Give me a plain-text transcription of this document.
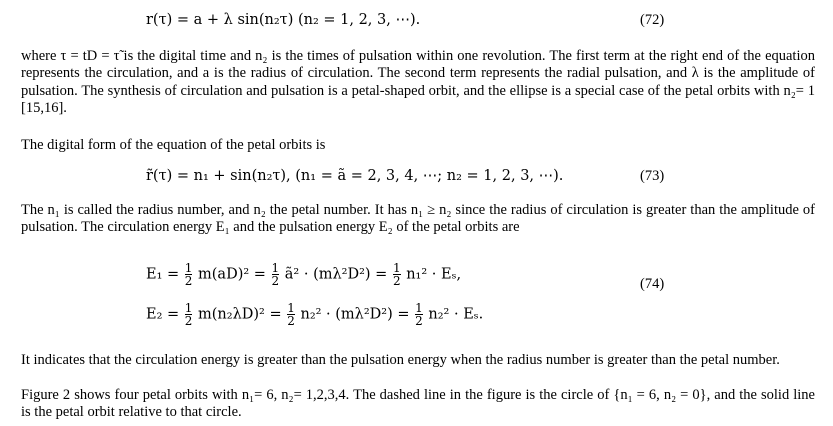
r(τ) = a + λ sin(n₂τ) (n₂ = 1, 2, 3, ⋯).	(72)
where τ = tD = τ̃ is the digital time and n₂ is the times of pulsation within one revolution. The first term at the right end of the equation represents the circulation, and a is the radius of circulation. The second term represents the radial pulsation, and λ is the amplitude of pulsation. The synthesis of circulation and pulsation is a petal-shaped orbit, and the ellipse is a special case of the petal orbits with n₂= 1 [15,16].
The digital form of the equation of the petal orbits is
r̃(τ) = n₁ + sin(n₂τ), (n₁ = ã = 2, 3, 4, ⋯; n₂ = 1, 2, 3, ⋯).	(73)
The n₁ is called the radius number, and n₂ the petal number. It has n₁ ≥ n₂ since the radius of circulation is greater than the amplitude of pulsation. The circulation energy E₁ and the pulsation energy E₂ of the petal orbits are
$E_1 = \frac{1}{2} m(aD)^2 = \frac{1}{2}$ ã² · $(m\lambda^2D^2) = \frac{1}{2} n_1^2 \cdot E_s$,
(74)
$E_2 = \frac{1}{2} m(n_2\lambda D)^2 = \frac{1}{2} n_2^2 \cdot (m\lambda^2D^2) = \frac{1}{2} n_2^2 \cdot E_s$.
It indicates that the circulation energy is greater than the pulsation energy when the radius number is greater than the petal number.
Figure 2 shows four petal orbits with n₁= 6, n₂= 1,2,3,4. The dashed line in the figure is the circle of {n₁ = 6, n₂ = 0}, and the solid line is the petal orbit relative to that circle.
